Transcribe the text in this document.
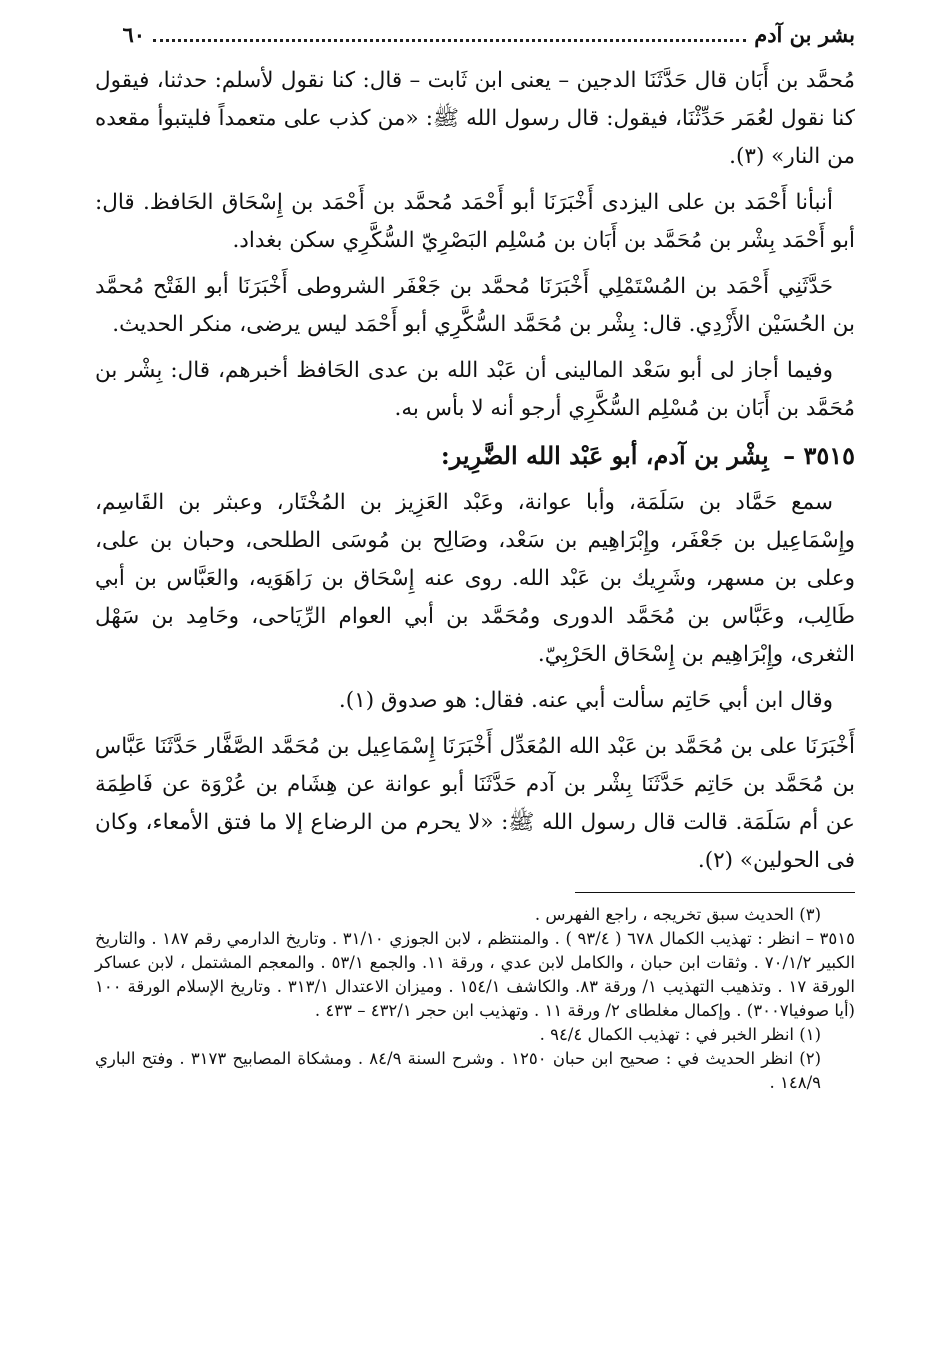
بشر بن آدم
٦٠

مُحمَّد بن أَبَان قال حَدَّثَنَا الدجين – يعنى ابن ثَابت – قال: كنا نقول لأسلم: حدثنا، فيقول كنا نقول لعُمَر حَدِّثْنَا، فيقول: قال رسول الله ﷺ: «من كذب على متعمداً فليتبوأ مقعده من النار» (٣).

أنبأنا أَحْمَد بن على اليزدى أَخْبَرَنَا أبو أَحْمَد مُحمَّد بن أَحْمَد بن إِسْحَاق الحَافظ. قال: أبو أَحْمَد بِشْر بن مُحَمَّد بن أَبَان بن مُسْلِم البَصْرِيّ السُّكَّرِي سكن بغداد.

حَدَّثَنِي أَحْمَد بن المُسْتَمْلِي أَخْبَرَنَا مُحمَّد بن جَعْفَر الشروطى أَخْبَرَنَا أبو الفَتْح مُحمَّد بن الحُسَيْن الأَزْدِي. قال: بِشْر بن مُحَمَّد السُّكَّرِي أبو أَحْمَد ليس يرضى، منكر الحديث.

وفيما أجاز لى أبو سَعْد المالينى أن عَبْد الله بن عدى الحَافظ أخبرهم، قال: بِشْر بن مُحَمَّد بن أَبَان بن مُسْلِم السُّكَّرِي أرجو أنه لا بأس به.

٣٥١٥ – بِشْر بن آدم، أبو عَبْد الله الضَّرِير:

سمع حَمَّاد بن سَلَمَة، وأبا عوانة، وعَبْد العَزِيز بن المُخْتَار، وعبثر بن القَاسِم، وإِسْمَاعِيل بن جَعْفَر، وإِبْرَاهِيم بن سَعْد، وصَالِح بن مُوسَى الطلحى، وحبان بن على، وعلى بن مسهر، وشَرِيك بن عَبْد الله. روى عنه إِسْحَاق بن رَاهَوَيه، والعَبَّاس بن أبي طَالِب، وعَبَّاس بن مُحَمَّد الدورى ومُحَمَّد بن أبي العوام الرِّيَاحى، وحَامِد بن سَهْل الثغرى، وإِبْرَاهِيم بن إِسْحَاق الحَرْبِيّ.

وقال ابن أبي حَاتِم سألت أبي عنه. فقال: هو صدوق (١).

أَخْبَرَنَا على بن مُحَمَّد بن عَبْد الله المُعَدِّل أَخْبَرَنَا إِسْمَاعِيل بن مُحَمَّد الصَّفَّار حَدَّثَنَا عَبَّاس بن مُحَمَّد بن حَاتِم حَدَّثَنَا بِشْر بن آدم حَدَّثَنَا أبو عوانة عن هِشَام بن عُرْوَة عن فَاطِمَة عن أم سَلَمَة. قالت قال رسول الله ﷺ: «لا يحرم من الرضاع إلا ما فتق الأمعاء، وكان فى الحولين» (٢).

(٣) الحديث سبق تخريجه ، راجع الفهرس .

٣٥١٥ – انظر : تهذيب الكمال ٦٧٨ ( ٩٣/٤ ) . والمنتظم ، لابن الجوزي ٣١/١٠ . وتاريخ الدارمي رقم ١٨٧ . والتاريخ الكبير ٧٠/١/٢ . وثقات ابن حبان ، والكامل لابن عدي ، ورقة ١١. والجمع ٥٣/١ . والمعجم المشتمل ، لابن عساكر الورقة ١٧ . وتذهيب التهذيب ١/ ورقة ٨٣. والكاشف ١٥٤/١ . وميزان الاعتدال ٣١٣/١ . وتاريخ الإسلام الورقة ١٠٠ (أيا صوفيا٣٠٠٧) . وإكمال مغلطاى ٢/ ورقة ١١ . وتهذيب ابن حجر ٤٣٢/١ – ٤٣٣ .

(١) انظر الخبر في : تهذيب الكمال ٩٤/٤ .

(٢) انظر الحديث في : صحيح ابن حبان ١٢٥٠ . وشرح السنة ٨٤/٩ . ومشكاة المصابيح ٣١٧٣ . وفتح الباري ١٤٨/٩ .
